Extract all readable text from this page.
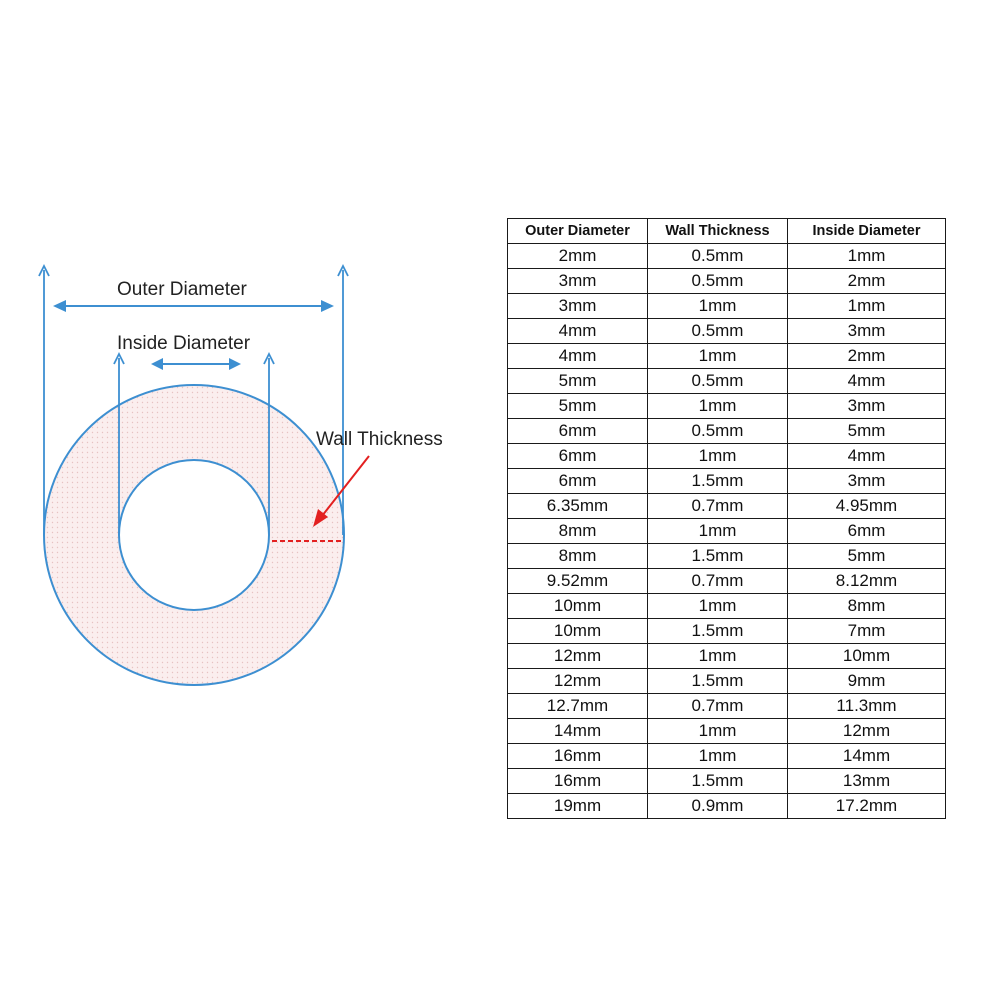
Outer Diameter
Inside Diameter
Wall Thickness
Outer Diameter	Wall Thickness	Inside Diameter
2mm	0.5mm	1mm
3mm	0.5mm	2mm
3mm	1mm	1mm
4mm	0.5mm	3mm
4mm	1mm	2mm
5mm	0.5mm	4mm
5mm	1mm	3mm
6mm	0.5mm	5mm
6mm	1mm	4mm
6mm	1.5mm	3mm
6.35mm	0.7mm	4.95mm
8mm	1mm	6mm
8mm	1.5mm	5mm
9.52mm	0.7mm	8.12mm
10mm	1mm	8mm
10mm	1.5mm	7mm
12mm	1mm	10mm
12mm	1.5mm	9mm
12.7mm	0.7mm	11.3mm
14mm	1mm	12mm
16mm	1mm	14mm
16mm	1.5mm	13mm
19mm	0.9mm	17.2mm
